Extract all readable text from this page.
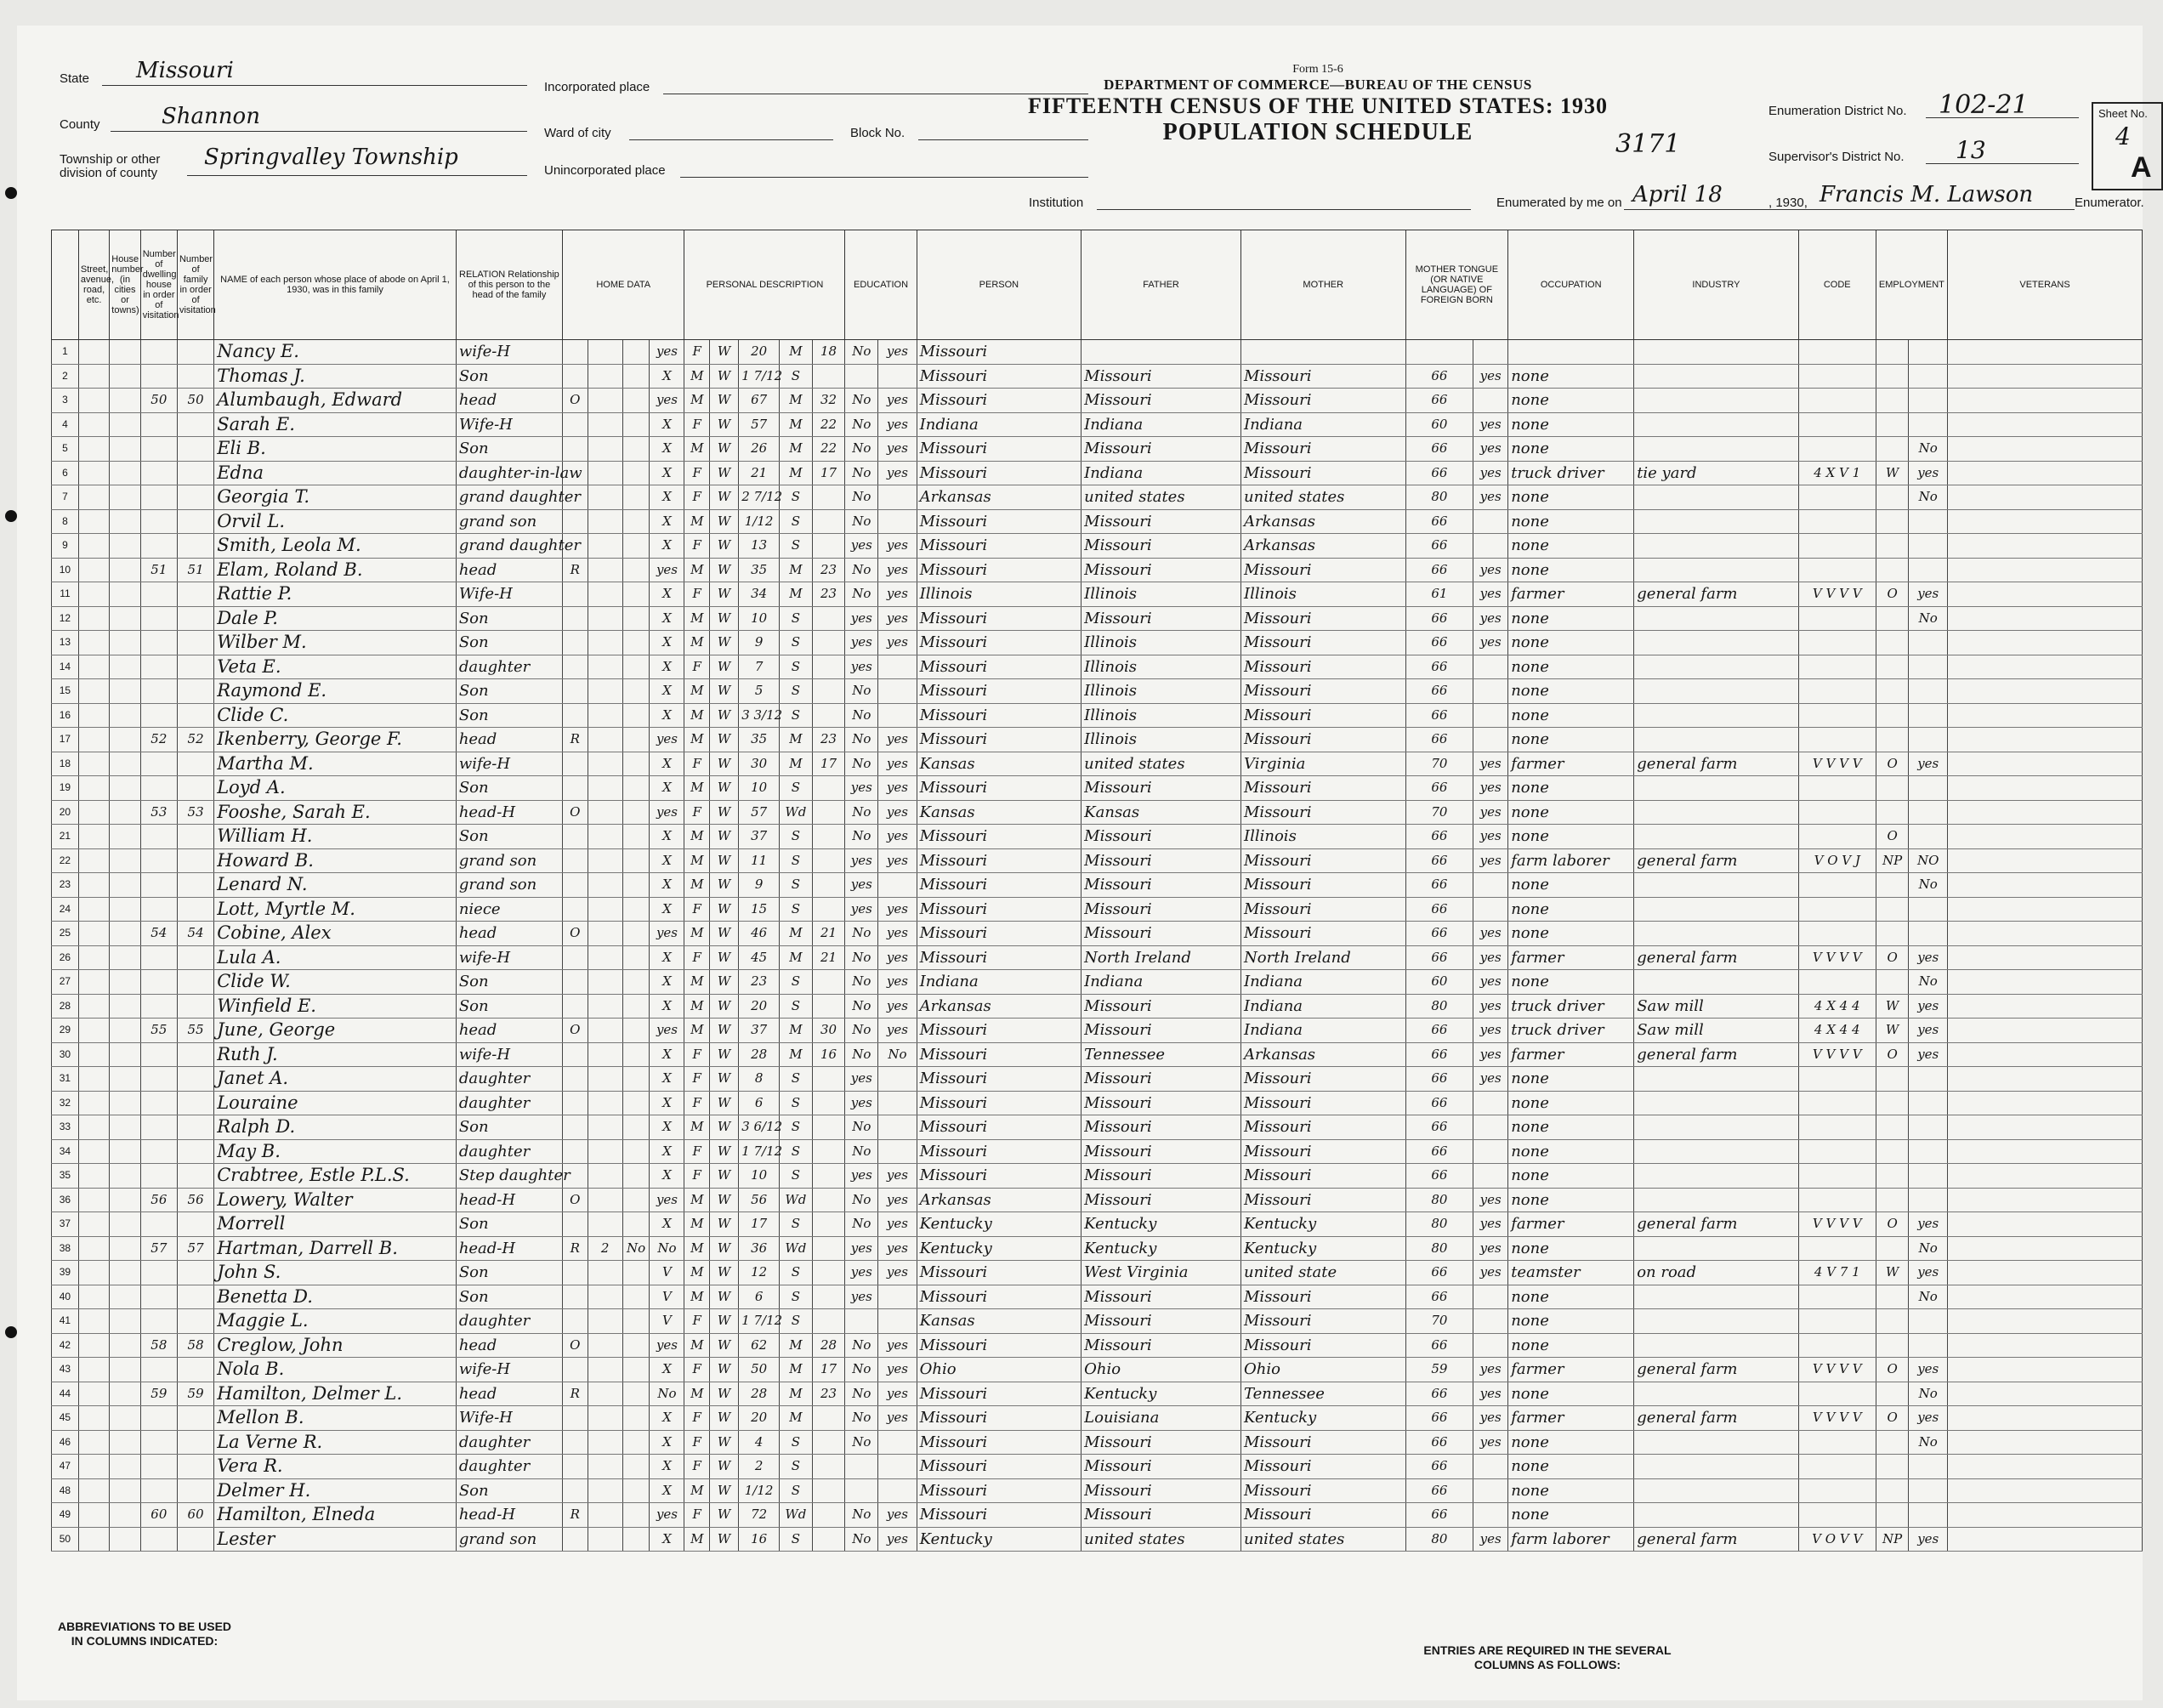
State Missouri
County	Shannon
Township or other division of county
Springvalley Township
Incorporated place
Ward of city	Block No.
Unincorporated place
Institution
Form 15-6
DEPARTMENT OF COMMERCE—BUREAU OF THE CENSUS
FIFTEENTH CENSUS OF THE UNITED STATES: 1930
POPULATION SCHEDULE	3171
Enumeration District No. 102-21
Supervisor's District No. 13
Sheet No.
4
A
Enumerated by me on April 18	, 1930, Francis M. Lawson	Enumerator.
	Street, avenue, road, etc.	House number (in cities or towns)	Number of dwelling house in order of visitation	Number of family in order of visitation	NAME of each person whose place of abode on April 1, 1930, was in this family	RELATION Relationship of this person to the head of the family	HOME DATA				PERSONAL DESCRIPTION					EDUCATION		PERSON	FATHER	MOTHER	MOTHER TONGUE (OR NATIVE LANGUAGE) OF FOREIGN BORN		OCCUPATION	INDUSTRY	CODE	EMPLOYMENT		VETERANS
1					Nancy E.	wife-H				yes	F	W	20	M	18	No	yes	Missouri										
2					Thomas J.	Son				X	M	W	1 7/12	S				Missouri	Missouri	Missouri	66	yes	none					
3			50	50	Alumbaugh, Edward	head	O			yes	M	W	67	M	32	No	yes	Missouri	Missouri	Missouri	66		none					
4					Sarah E.	Wife-H				X	F	W	57	M	22	No	yes	Indiana	Indiana	Indiana	60	yes	none					
5					Eli B.	Son				X	M	W	26	M	22	No	yes	Missouri	Missouri	Missouri	66	yes	none				No	
6					Edna	daughter-in-law				X	F	W	21	M	17	No	yes	Missouri	Indiana	Missouri	66	yes	truck driver	tie yard	4 X V 1	W	yes	
7					Georgia T.	grand daughter				X	F	W	2 7/12	S		No		Arkansas	united states	united states	80	yes	none				No	
8					Orvil L.	grand son				X	M	W	1/12	S		No		Missouri	Missouri	Arkansas	66		none					
9					Smith, Leola M.	grand daughter				X	F	W	13	S		yes	yes	Missouri	Missouri	Arkansas	66		none					
10			51	51	Elam, Roland B.	head	R			yes	M	W	35	M	23	No	yes	Missouri	Missouri	Missouri	66	yes	none					
11					Rattie P.	Wife-H				X	F	W	34	M	23	No	yes	Illinois	Illinois	Illinois	61	yes	farmer	general farm	V V V V	O	yes	
12					Dale P.	Son				X	M	W	10	S		yes	yes	Missouri	Missouri	Missouri	66	yes	none				No	
13					Wilber M.	Son				X	M	W	9	S		yes	yes	Missouri	Illinois	Missouri	66	yes	none					
14					Veta E.	daughter				X	F	W	7	S		yes		Missouri	Illinois	Missouri	66		none					
15					Raymond E.	Son				X	M	W	5	S		No		Missouri	Illinois	Missouri	66		none					
16					Clide C.	Son				X	M	W	3 3/12	S		No		Missouri	Illinois	Missouri	66		none					
17			52	52	Ikenberry, George F.	head	R			yes	M	W	35	M	23	No	yes	Missouri	Illinois	Missouri	66		none					
18					Martha M.	wife-H				X	F	W	30	M	17	No	yes	Kansas	united states	Virginia	70	yes	farmer	general farm	V V V V	O	yes	
19					Loyd A.	Son				X	M	W	10	S		yes	yes	Missouri	Missouri	Missouri	66	yes	none					
20			53	53	Fooshe, Sarah E.	head-H	O			yes	F	W	57	Wd		No	yes	Kansas	Kansas	Missouri	70	yes	none					
21					William H.	Son				X	M	W	37	S		No	yes	Missouri	Missouri	Illinois	66	yes	none			O		
22					Howard B.	grand son				X	M	W	11	S		yes	yes	Missouri	Missouri	Missouri	66	yes	farm laborer	general farm	V O V J	NP	NO	
23					Lenard N.	grand son				X	M	W	9	S		yes		Missouri	Missouri	Missouri	66		none				No	
24					Lott, Myrtle M.	niece				X	F	W	15	S		yes	yes	Missouri	Missouri	Missouri	66		none					
25			54	54	Cobine, Alex	head	O			yes	M	W	46	M	21	No	yes	Missouri	Missouri	Missouri	66	yes	none					
26					Lula A.	wife-H				X	F	W	45	M	21	No	yes	Missouri	North Ireland	North Ireland	66	yes	farmer	general farm	V V V V	O	yes	
27					Clide W.	Son				X	M	W	23	S		No	yes	Indiana	Indiana	Indiana	60	yes	none				No	
28					Winfield E.	Son				X	M	W	20	S		No	yes	Arkansas	Missouri	Indiana	80	yes	truck driver	Saw mill	4 X 4 4	W	yes	
29			55	55	June, George	head	O			yes	M	W	37	M	30	No	yes	Missouri	Missouri	Indiana	66	yes	truck driver	Saw mill	4 X 4 4	W	yes	
30					Ruth J.	wife-H				X	F	W	28	M	16	No	No	Missouri	Tennessee	Arkansas	66	yes	farmer	general farm	V V V V	O	yes	
31					Janet A.	daughter				X	F	W	8	S		yes		Missouri	Missouri	Missouri	66	yes	none					
32					Louraine	daughter				X	F	W	6	S		yes		Missouri	Missouri	Missouri	66		none					
33					Ralph D.	Son				X	M	W	3 6/12	S		No		Missouri	Missouri	Missouri	66		none					
34					May B.	daughter				X	F	W	1 7/12	S		No		Missouri	Missouri	Missouri	66		none					
35					Crabtree, Estle P.L.S.	Step daughter				X	F	W	10	S		yes	yes	Missouri	Missouri	Missouri	66		none					
36			56	56	Lowery, Walter	head-H	O			yes	M	W	56	Wd		No	yes	Arkansas	Missouri	Missouri	80	yes	none					
37					Morrell	Son				X	M	W	17	S		No	yes	Kentucky	Kentucky	Kentucky	80	yes	farmer	general farm	V V V V	O	yes	
38			57	57	Hartman, Darrell B.	head-H	R	2	No	No	M	W	36	Wd		yes	yes	Kentucky	Kentucky	Kentucky	80	yes	none				No	
39					John S.	Son				V	M	W	12	S		yes	yes	Missouri	West Virginia	united state	66	yes	teamster	on road	4 V 7 1	W	yes	
40					Benetta D.	Son				V	M	W	6	S		yes		Missouri	Missouri	Missouri	66		none				No	
41					Maggie L.	daughter				V	F	W	1 7/12	S				Kansas	Missouri	Missouri	70		none					
42			58	58	Creglow, John	head	O			yes	M	W	62	M	28	No	yes	Missouri	Missouri	Missouri	66		none					
43					Nola B.	wife-H				X	F	W	50	M	17	No	yes	Ohio	Ohio	Ohio	59	yes	farmer	general farm	V V V V	O	yes	
44			59	59	Hamilton, Delmer L.	head	R			No	M	W	28	M	23	No	yes	Missouri	Kentucky	Tennessee	66	yes	none				No	
45					Mellon B.	Wife-H				X	F	W	20	M		No	yes	Missouri	Louisiana	Kentucky	66	yes	farmer	general farm	V V V V	O	yes	
46					La Verne R.	daughter				X	F	W	4	S		No		Missouri	Missouri	Missouri	66	yes	none				No	
47					Vera R.	daughter				X	F	W	2	S				Missouri	Missouri	Missouri	66		none					
48					Delmer H.	Son				X	M	W	1/12	S				Missouri	Missouri	Missouri	66		none					
49			60	60	Hamilton, Elneda	head-H	R			yes	F	W	72	Wd		No	yes	Missouri	Missouri	Missouri	66		none					
50					Lester	grand son				X	M	W	16	S		No	yes	Kentucky	united states	united states	80	yes	farm laborer	general farm	V O V V	NP	yes	
ABBREVIATIONS TO BE USED IN COLUMNS INDICATED:
ENTRIES ARE REQUIRED IN THE SEVERAL COLUMNS AS FOLLOWS:
